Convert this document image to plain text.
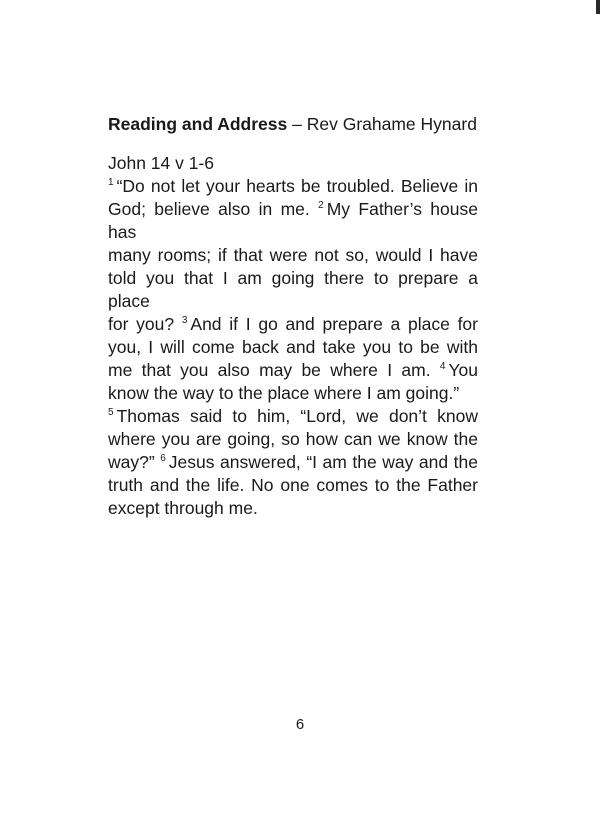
Reading and Address – Rev Grahame Hynard
John 14 v 1-6
$^1$ “Do not let your hearts be troubled. Believe in
God; believe also in me. $^2$ My Father’s house has
many rooms; if that were not so, would I have
told you that I am going there to prepare a place
for you? $^3$ And if I go and prepare a place for
you, I will come back and take you to be with
me that you also may be where I am. $^4$ You
know the way to the place where I am going.”
$^5$ Thomas said to him, “Lord, we don’t know
where you are going, so how can we know the
way?” $^6$ Jesus answered, “I am the way and the
truth and the life. No one comes to the Father
except through me.
6
